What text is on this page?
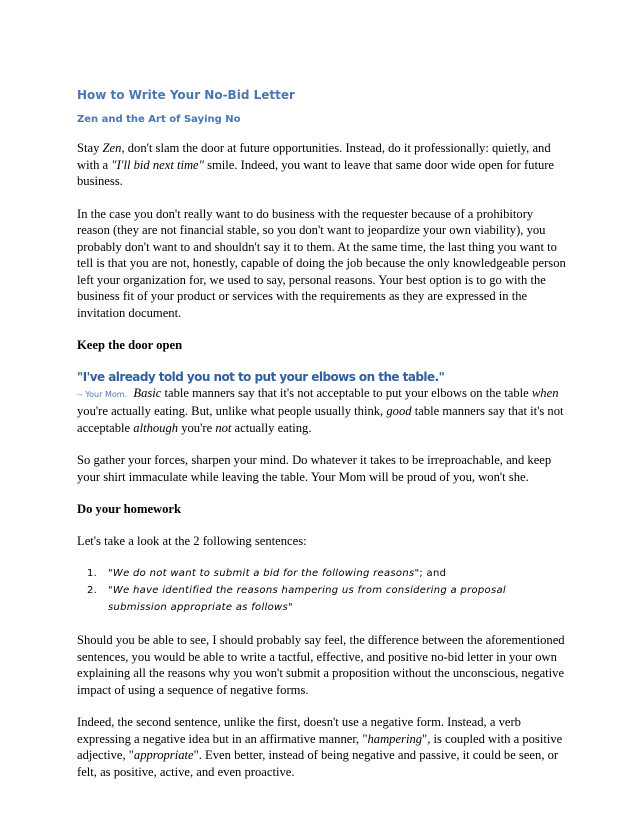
How to Write Your No-Bid Letter
Zen and the Art of Saying No

Stay Zen, don't slam the door at future opportunities. Instead, do it professionally: quietly, and with a "I'll bid next time" smile. Indeed, you want to leave that same door wide open for future business.

In the case you don't really want to do business with the requester because of a prohibitory reason (they are not financial stable, so you don't want to jeopardize your own viability), you probably don't want to and shouldn't say it to them. At the same time, the last thing you want to tell is that you are not, honestly, capable of doing the job because the only knowledgeable person left your organization for, we used to say, personal reasons. Your best option is to go with the business fit of your product or services with the requirements as they are expressed in the invitation document.

Keep the door open
"I've already told you not to put your elbows on the table."

-- Your Mom. Basic table manners say that it's not acceptable to put your elbows on the table when you're actually eating. But, unlike what people usually think, good table manners say that it's not acceptable although you're not actually eating.

So gather your forces, sharpen your mind. Do whatever it takes to be irreproachable, and keep your shirt immaculate while leaving the table. Your Mom will be proud of you, won't she.

Do your homework

Let's take a look at the 2 following sentences:

1. "We do not want to submit a bid for the following reasons"; and
2. "We have identified the reasons hampering us from considering a proposal submission appropriate as follows"

Should you be able to see, I should probably say feel, the difference between the aforementioned sentences, you would be able to write a tactful, effective, and positive no-bid letter in your own explaining all the reasons why you won't submit a proposition without the unconscious, negative impact of using a sequence of negative forms.

Indeed, the second sentence, unlike the first, doesn't use a negative form. Instead, a verb expressing a negative idea but in an affirmative manner, "hampering", is coupled with a positive adjective, "appropriate". Even better, instead of being negative and passive, it could be seen, or felt, as positive, active, and even proactive.
